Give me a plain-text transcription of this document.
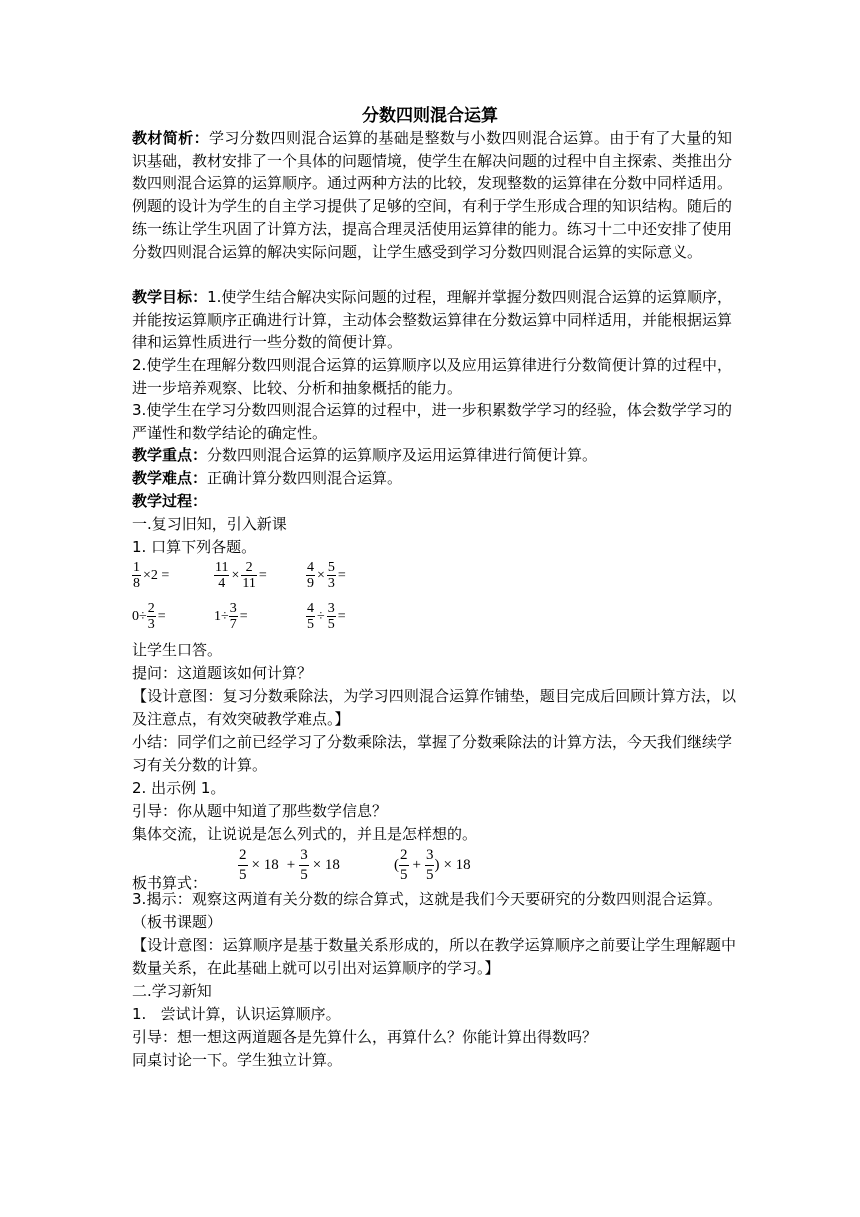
分数四则混合运算

教材简析：学习分数四则混合运算的基础是整数与小数四则混合运算。由于有了大量的知识基础，教材安排了一个具体的问题情境，使学生在解决问题的过程中自主探索、类推出分数四则混合运算的运算顺序。通过两种方法的比较，发现整数的运算律在分数中同样适用。例题的设计为学生的自主学习提供了足够的空间，有利于学生形成合理的知识结构。随后的练一练让学生巩固了计算方法，提高合理灵活使用运算律的能力。练习十二中还安排了使用分数四则混合运算的解决实际问题，让学生感受到学习分数四则混合运算的实际意义。

教学目标：1.使学生结合解决实际问题的过程，理解并掌握分数四则混合运算的运算顺序，并能按运算顺序正确进行计算，主动体会整数运算律在分数运算中同样适用，并能根据运算律和运算性质进行一些分数的简便计算。

2.使学生在理解分数四则混合运算的运算顺序以及应用运算律进行分数简便计算的过程中，进一步培养观察、比较、分析和抽象概括的能力。

3.使学生在学习分数四则混合运算的过程中，进一步积累数学学习的经验，体会数学学习的严谨性和数学结论的确定性。

教学重点：分数四则混合运算的运算顺序及运用运算律进行简便计算。
教学难点：正确计算分数四则混合运算。
教学过程：
一.复习旧知，引入新课
1. 口算下列各题。
$\frac{1}{8} \times 2$ =	$\frac{11}{4} \times \frac{2}{11}$ =	$\frac{4}{9} \times \frac{5}{3}$ =
$0\div \frac{2}{3}$ =	$1\div \frac{3}{7}$ =	$\frac{4}{5} \div \frac{3}{5}$ =
让学生口答。
提问：这道题该如何计算？

【设计意图：复习分数乘除法，为学习四则混合运算作铺垫，题目完成后回顾计算方法，以及注意点，有效突破教学难点。】

小结：同学们之前已经学习了分数乘除法，掌握了分数乘除法的计算方法，今天我们继续学习有关分数的计算。

2. 出示例 1。
引导：你从题中知道了那些数学信息？
集体交流，让说说是怎么列式的，并且是怎样想的。
板书算式： $\frac{2}{5} \times 18 + \frac{3}{5} \times 18$	( $\frac{2}{5} + \frac{3}{5}$ ) × 18

3.揭示：观察这两道有关分数的综合算式，这就是我们今天要研究的分数四则混合运算。（板书课题）

【设计意图：运算顺序是基于数量关系形成的，所以在教学运算顺序之前要让学生理解题中数量关系，在此基础上就可以引出对运算顺序的学习。】

二.学习新知
1.   尝试计算，认识运算顺序。
引导：想一想这两道题各是先算什么，再算什么？你能计算出得数吗？
同桌讨论一下。学生独立计算。
